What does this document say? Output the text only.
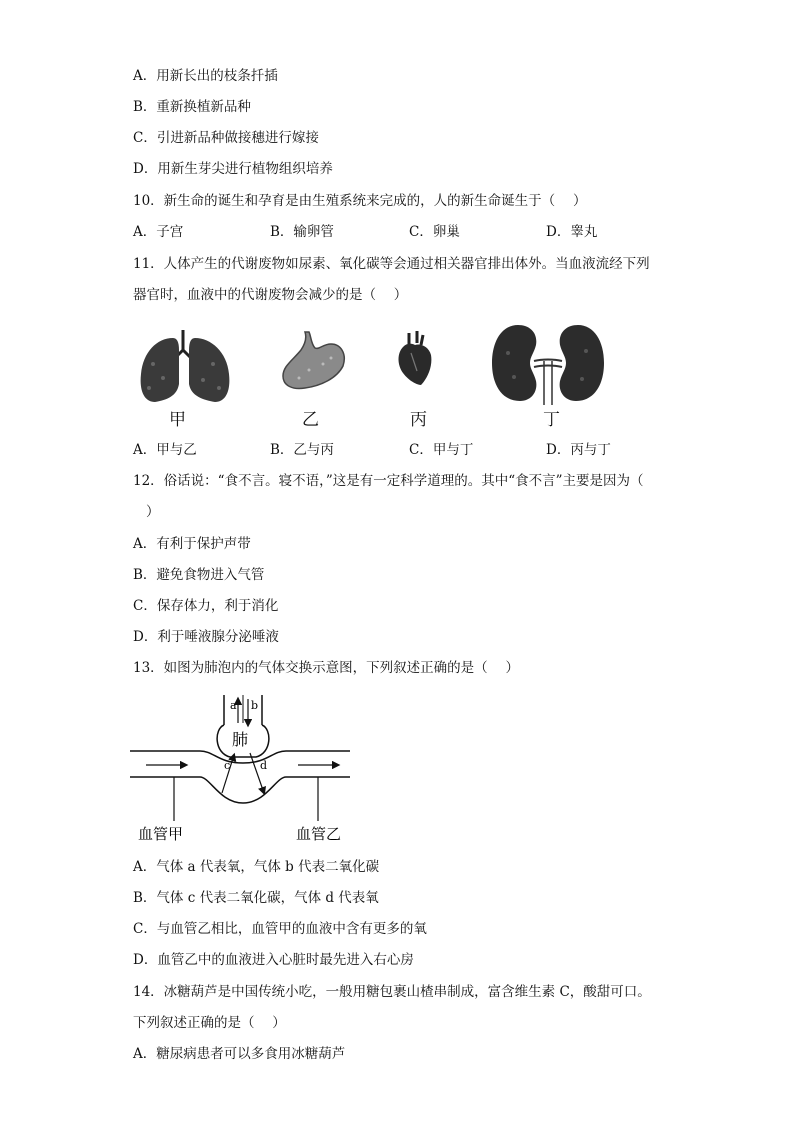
A．用新长出的枝条扦插
B．重新换植新品种
C．引进新品种做接穗进行嫁接
D．用新生芽尖进行植物组织培养
10．新生命的诞生和孕育是由生殖系统来完成的，人的新生命诞生于（　 ）
A．子宫	B．输卵管	C．卵巢	D．睾丸
11．人体产生的代谢废物如尿素、氧化碳等会通过相关器官排出体外。当血液流经下列
器官时，血液中的代谢废物会减少的是（　 ）
甲	乙	丙	丁
A．甲与乙	B．乙与丙	C．甲与丁	D．丙与丁
12．俗话说：“食不言。寝不语，”这是有一定科学道理的。其中“食不言”主要是因为（
）
A．有利于保护声带
B．避免食物进入气管
C．保存体力，利于消化
D．利于唾液腺分泌唾液
13．如图为肺泡内的气体交换示意图，下列叙述正确的是（　 ）
a b
c	d
肺
血管甲	血管乙
A．气体 a 代表氧，气体 b 代表二氧化碳
B．气体 c 代表二氧化碳，气体 d 代表氧
C．与血管乙相比，血管甲的血液中含有更多的氧
D．血管乙中的血液进入心脏时最先进入右心房
14．冰糖葫芦是中国传统小吃，一般用糖包裹山楂串制成，富含维生素 C，酸甜可口。
下列叙述正确的是（　 ）
A．糖尿病患者可以多食用冰糖葫芦
